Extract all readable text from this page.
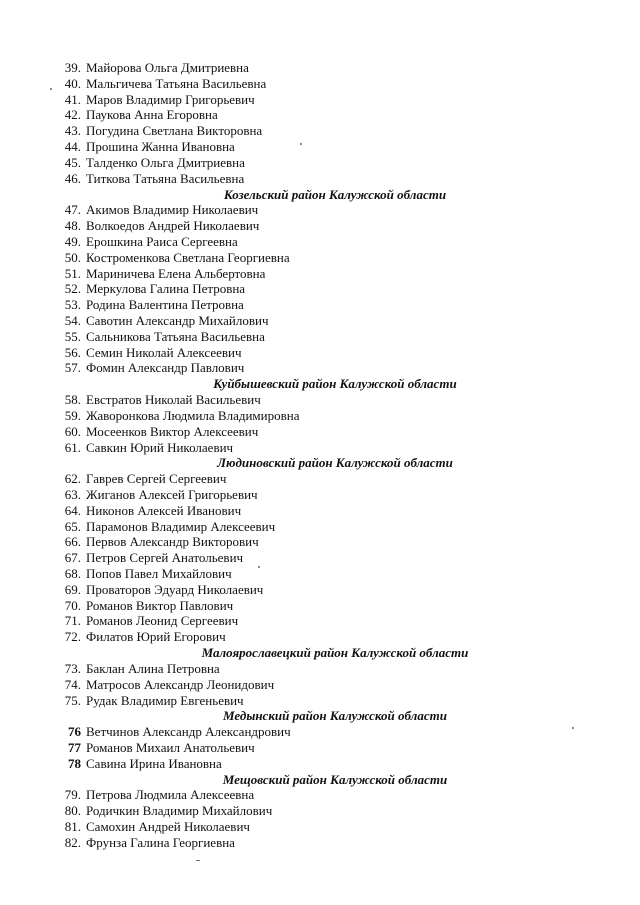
39. Майорова Ольга Дмитриевна
40. Мальгичева Татьяна Васильевна
41. Маров Владимир Григорьевич
42. Паукова Анна Егоровна
43. Погудина Светлана Викторовна
44. Прошина Жанна Ивановна
45. Талденко Ольга Дмитриевна
46. Титкова Татьяна Васильевна
Козельский район Калужской области
47. Акимов Владимир Николаевич
48. Волкоедов Андрей Николаевич
49. Ерошкина Раиса Сергеевна
50. Костроменкова Светлана Георгиевна
51. Мариничева Елена Альбертовна
52. Меркулова Галина Петровна
53. Родина Валентина Петровна
54. Савотин Александр Михайлович
55. Сальникова Татьяна Васильевна
56. Семин Николай Алексеевич
57. Фомин Александр Павлович
Куйбышевский район Калужской области
58. Евстратов Николай Васильевич
59. Жаворонкова Людмила Владимировна
60. Мосеенков Виктор Алексеевич
61. Савкин Юрий Николаевич
Людиновский район Калужской области
62. Гаврев Сергей Сергеевич
63. Жиганов Алексей Григорьевич
64. Никонов Алексей Иванович
65. Парамонов Владимир Алексеевич
66. Первов Александр Викторович
67. Петров Сергей Анатольевич
68. Попов Павел Михайлович
69. Проваторов Эдуард Николаевич
70. Романов Виктор Павлович
71. Романов Леонид Сергеевич
72. Филатов Юрий Егорович
Малоярославецкий район Калужской области
73. Баклан Алина Петровна
74. Матросов Александр Леонидович
75. Рудак Владимир Евгеньевич
Медынский район Калужской области
76 Ветчинов Александр Александрович
77 Романов Михаил Анатольевич
78 Савина Ирина Ивановна
Мещовский район Калужской области
79. Петрова Людмила Алексеевна
80. Родичкин Владимир Михайлович
81. Самохин Андрей Николаевич
82. Фрунза Галина Георгиевна
